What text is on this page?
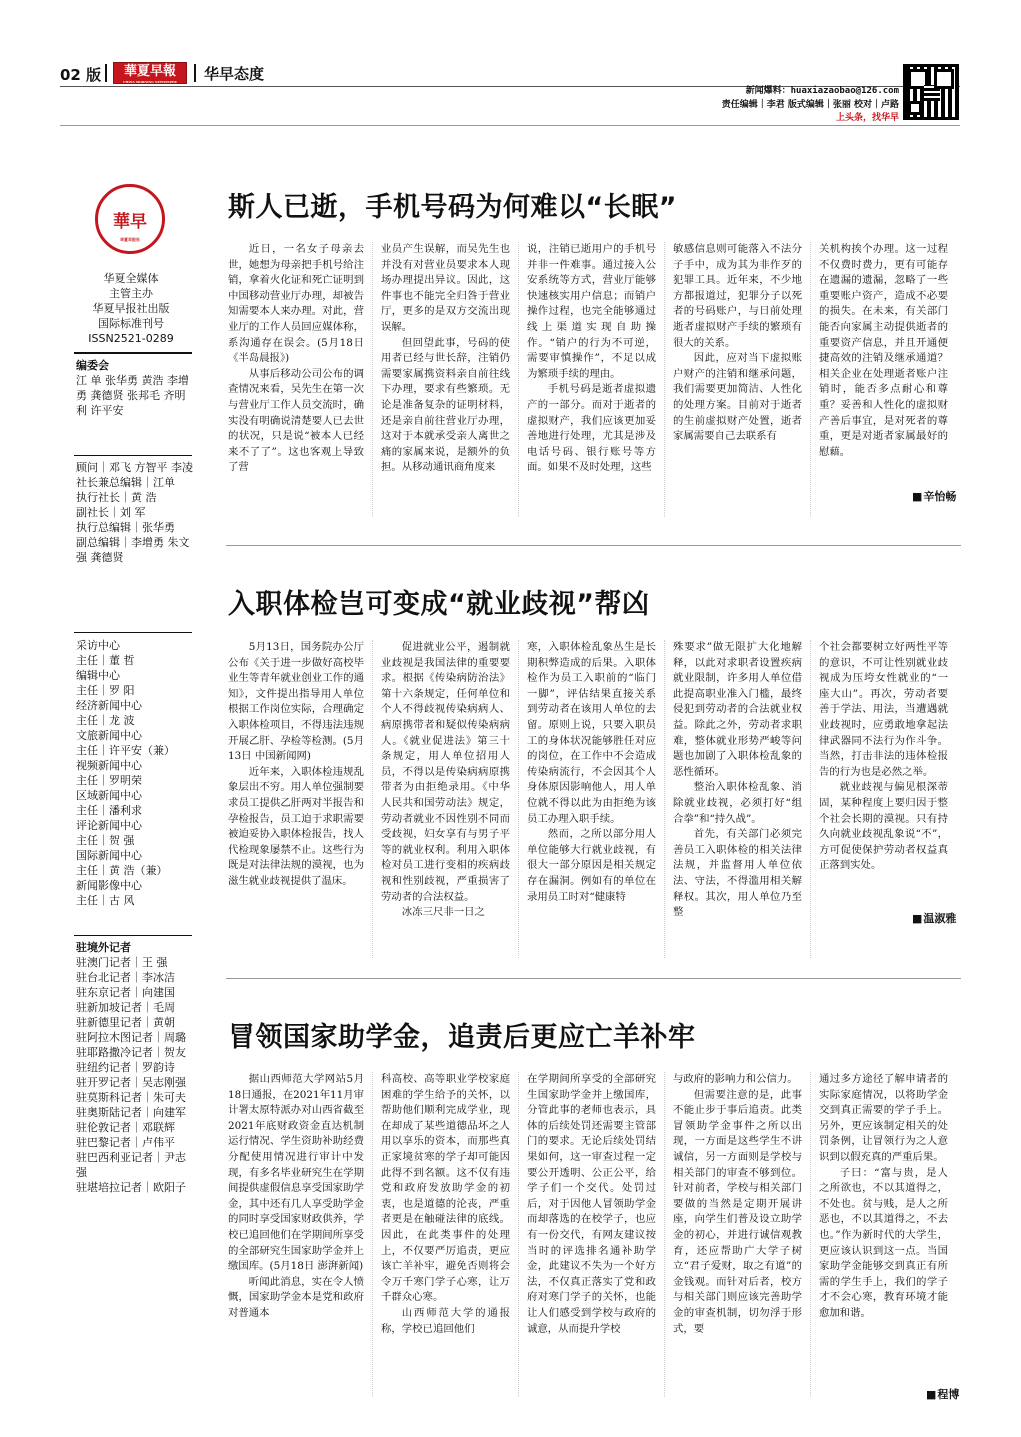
02 版	華夏早報
CHINA MORNING NEWSPAPER	华早态度
新闻爆料：huaxiazaobao@126.com
责任编辑｜李君 版式编辑｜张丽 校对｜卢路
上头条，找华早
華早
华夏早报社
华夏全媒体
主管主办
华夏早报社出版
国际标准刊号
ISSN2521-0289

编委会

江 单 张华勇 黄浩 李增勇 龚德贤 张邦毛 齐明利 许平安

顾问｜邓飞 方智平 李凌

社长兼总编辑｜江单

执行社长｜黄 浩

副社长｜刘 军

执行总编辑｜张华勇

副总编辑｜李增勇 朱文强 龚德贤

采访中心

主任｜董 哲

编辑中心

主任｜罗 阳

经济新闻中心

主任｜龙 波

文旅新闻中心

主任｜许平安（兼）

视频新闻中心

主任｜罗明荣

区域新闻中心

主任｜潘利求

评论新闻中心

主任｜贺 强

国际新闻中心

主任｜黄 浩（兼）

新闻影像中心

主任｜古 风

驻境外记者

驻澳门记者｜王 强

驻台北记者｜李冰洁

驻东京记者｜向建国

驻新加坡记者｜毛周

驻新德里记者｜黄朝

驻阿拉木图记者｜周璐

驻耶路撒冷记者｜贺友

驻纽约记者｜罗韵诗

驻开罗记者｜吴志刚强

驻莫斯科记者｜朱可夫

驻奥斯陆记者｜向建军

驻伦敦记者｜邓联辉

驻巴黎记者｜卢伟平

驻巴西利亚记者｜尹志强

驻堪培拉记者｜欧阳子

斯人已逝，手机号码为何难以“长眠”

近日，一名女子母亲去世，她想为母亲把手机号给注销，拿着火化证和死亡证明到中国移动营业厅办理，却被告知需要本人来办理。对此，营业厅的工作人员回应媒体称，系沟通存在误会。(5月18日《半岛晨报》)

从事后移动公司公布的调查情况来看，吴先生在第一次与营业厅工作人员交流时，确实没有明确说清楚要人已去世的状况，只是说“被本人已经来不了了”。这也客观上导致了营

业员产生误解，而吴先生也并没有对营业员要求本人现场办理提出异议。因此，这件事也不能完全归咎于营业厅，更多的是双方交流出现误解。

但回望此事，号码的使用者已经与世长辞，注销仍需要家属携资料亲自前往线下办理，要求有些繁琐。无论是准备复杂的证明材料，还是亲自前往营业厅办理，这对于本就承受亲人离世之痛的家属来说，是额外的负担。从移动通讯商角度来

说，注销已逝用户的手机号并非一件难事。通过接入公安系统等方式，营业厅能够快速核实用户信息；而销户操作过程，也完全能够通过线上渠道实现自助操作。“销户的行为不可逆，需要审慎操作”，不足以成为繁琐手续的理由。

手机号码是逝者虚拟遗产的一部分。而对于逝者的虚拟财产，我们应该更加妥善地进行处理，尤其是涉及电话号码、银行账号等方面。如果不及时处理，这些

敏感信息则可能落入不法分子手中，成为其为非作歹的犯罪工具。近年来，不少地方都报道过，犯罪分子以死者的号码账户，与日前处理逝者虚拟财产手续的繁琐有很大的关系。

因此，应对当下虚拟账户财产的注销和继承问题，我们需要更加简洁、人性化的处理方案。目前对于逝者的生前虚拟财产处置，逝者家属需要自己去联系有

关机构挨个办理。这一过程不仅费时费力，更有可能存在遗漏的遗漏，忽略了一些重要账户资产，造成不必要的损失。在未来，有关部门能否向家属主动提供逝者的重要资产信息，并且开通便捷高效的注销及继承通道？相关企业在处理逝者账户注销时，能否多点耐心和尊重？妥善和人性化的虚拟财产善后事宜，是对死者的尊重，更是对逝者家属最好的慰藉。

■ 辛怡畅
入职体检岂可变成“就业歧视”帮凶

5月13日，国务院办公厅公布《关于进一步做好高校毕业生等青年就业创业工作的通知》，文件提出指导用人单位根据工作岗位实际，合理确定入职体检项目，不得违法违规开展乙肝、孕检等检测。(5月13日 中国新闻网)

近年来，入职体检违规乱象层出不穷。用人单位强制要求员工提供乙肝两对半报告和孕检报告，员工迫于求职需要被迫妥协入职体检报告，找人代检现象屡禁不止。这些行为既是对法律法规的漠视，也为滋生就业歧视提供了温床。

促进就业公平，遏制就业歧视是我国法律的重要要求。根据《传染病防治法》第十六条规定，任何单位和个人不得歧视传染病病人、病原携带者和疑似传染病病人。《就业促进法》第三十条规定，用人单位招用人员，不得以是传染病病原携带者为由拒绝录用。《中华人民共和国劳动法》规定，劳动者就业不因性别不同而受歧视，妇女享有与男子平等的就业权利。利用入职体检对员工进行变相的疾病歧视和性别歧视，严重损害了劳动者的合法权益。

冰冻三尺非一日之

寒，入职体检乱象丛生是长期积弊造成的后果。入职体检作为员工入职前的“临门一脚”，评估结果直接关系到劳动者在该用人单位的去留。原则上说，只要入职员工的身体状况能够胜任对应的岗位，在工作中不会造成传染病流行，不会因其个人身体原因影响他人，用人单位就不得以此为由拒绝为该员工办理入职手续。

然而，之所以部分用人单位能够大行就业歧视，有很大一部分原因是相关规定存在漏洞。例如有的单位在录用员工时对“健康特

殊要求”做无限扩大化地解释，以此对求职者设置疾病就业限制，许多用人单位借此提高职业准入门槛，最终侵犯到劳动者的合法就业权益。除此之外，劳动者求职难，整体就业形势严峻等问题也加剧了入职体检乱象的恶性循环。

整治入职体检乱象、消除就业歧视，必须打好“组合拳”和“持久战”。

首先，有关部门必须完善员工入职体检的相关法律法规，并监督用人单位依法、守法，不得滥用相关解释权。其次，用人单位乃至整

个社会都要树立好两性平等的意识，不可让性别就业歧视成为压垮女性就业的“一座大山”。再次，劳动者要善于学法、用法，当遭遇就业歧视时，应勇敢地拿起法律武器同不法行为作斗争。当然，打击非法的违体检报告的行为也是必然之举。

就业歧视与偏见根深蒂固，某种程度上要归因于整个社会长期的漠视。只有持久向就业歧视乱象说“不”，方可促使保护劳动者权益真正落到实处。

■ 温淑雅
冒领国家助学金，追责后更应亡羊补牢

据山西师范大学网站5月18日通报，在2021年11月审计署太原特派办对山西省截至2021年底财政资金直达机制运行情况、学生资助补助经费分配使用情况进行审计中发现，有多名毕业研究生在学期间提供虚假信息享受国家助学金，其中还有几人享受助学金的同时享受国家财政供养，学校已追回他们在学期间所享受的全部研究生国家助学金并上缴国库。(5月18日 澎湃新闻)

听闻此消息，实在令人愤慨，国家助学金本是党和政府对普通本

科高校、高等职业学校家庭困难的学生给予的关怀，以帮助他们顺利完成学业，现在却成了某些道德品坏之人用以享乐的资本，而那些真正家境贫寒的学子却可能因此得不到名额。这不仅有违党和政府发放助学金的初衷，也是道德的沦丧，严重者更是在触碰法律的底线。因此，在此类事件的处理上，不仅要严厉追责，更应该亡羊补牢，避免否则将会令万千寒门学子心寒，让万千群众心寒。

山西师范大学的通报称，学校已追回他们

在学期间所享受的全部研究生国家助学金并上缴国库，分管此事的老师也表示，具体的后续处罚还需要主管部门的要求。无论后续处罚结果如何，这一审查过程一定要公开透明、公正公平，给学子们一个交代。处罚过后，对于因他人冒领助学金而却落选的在校学子，也应有一份交代，有网友建议按当时的评选排名通补助学金，此建议不失为一个好方法，不仅真正落实了党和政府对寒门学子的关怀，也能让人们感受到学校与政府的诚意，从而提升学校

与政府的影响力和公信力。

但需要注意的是，此事不能止步于事后追责。此类冒领助学金事件之所以出现，一方面是这些学生不讲诚信，另一方面则是学校与相关部门的审查不够到位。针对前者，学校与相关部门要做的当然是定期开展讲座，向学生们普及设立助学金的初心，并进行诚信观教育，还应帮助广大学子树立“君子爱财，取之有道”的金钱观。而针对后者，校方与相关部门则应该完善助学金的审查机制，切勿浮于形式，要

通过多方途径了解申请者的实际家庭情况，以将助学金交到真正需要的学子手上。另外，更应该制定相关的处罚条例，让冒领行为之人意识到以假充真的严重后果。

子曰：“富与贵，是人之所欲也，不以其道得之，不处也。贫与贱，是人之所恶也，不以其道得之，不去也。”作为新时代的大学生，更应该认识到这一点。当国家助学金能够交到真正有所需的学生手上，我们的学子才不会心寒，教育环境才能愈加和谐。

■ 程博
